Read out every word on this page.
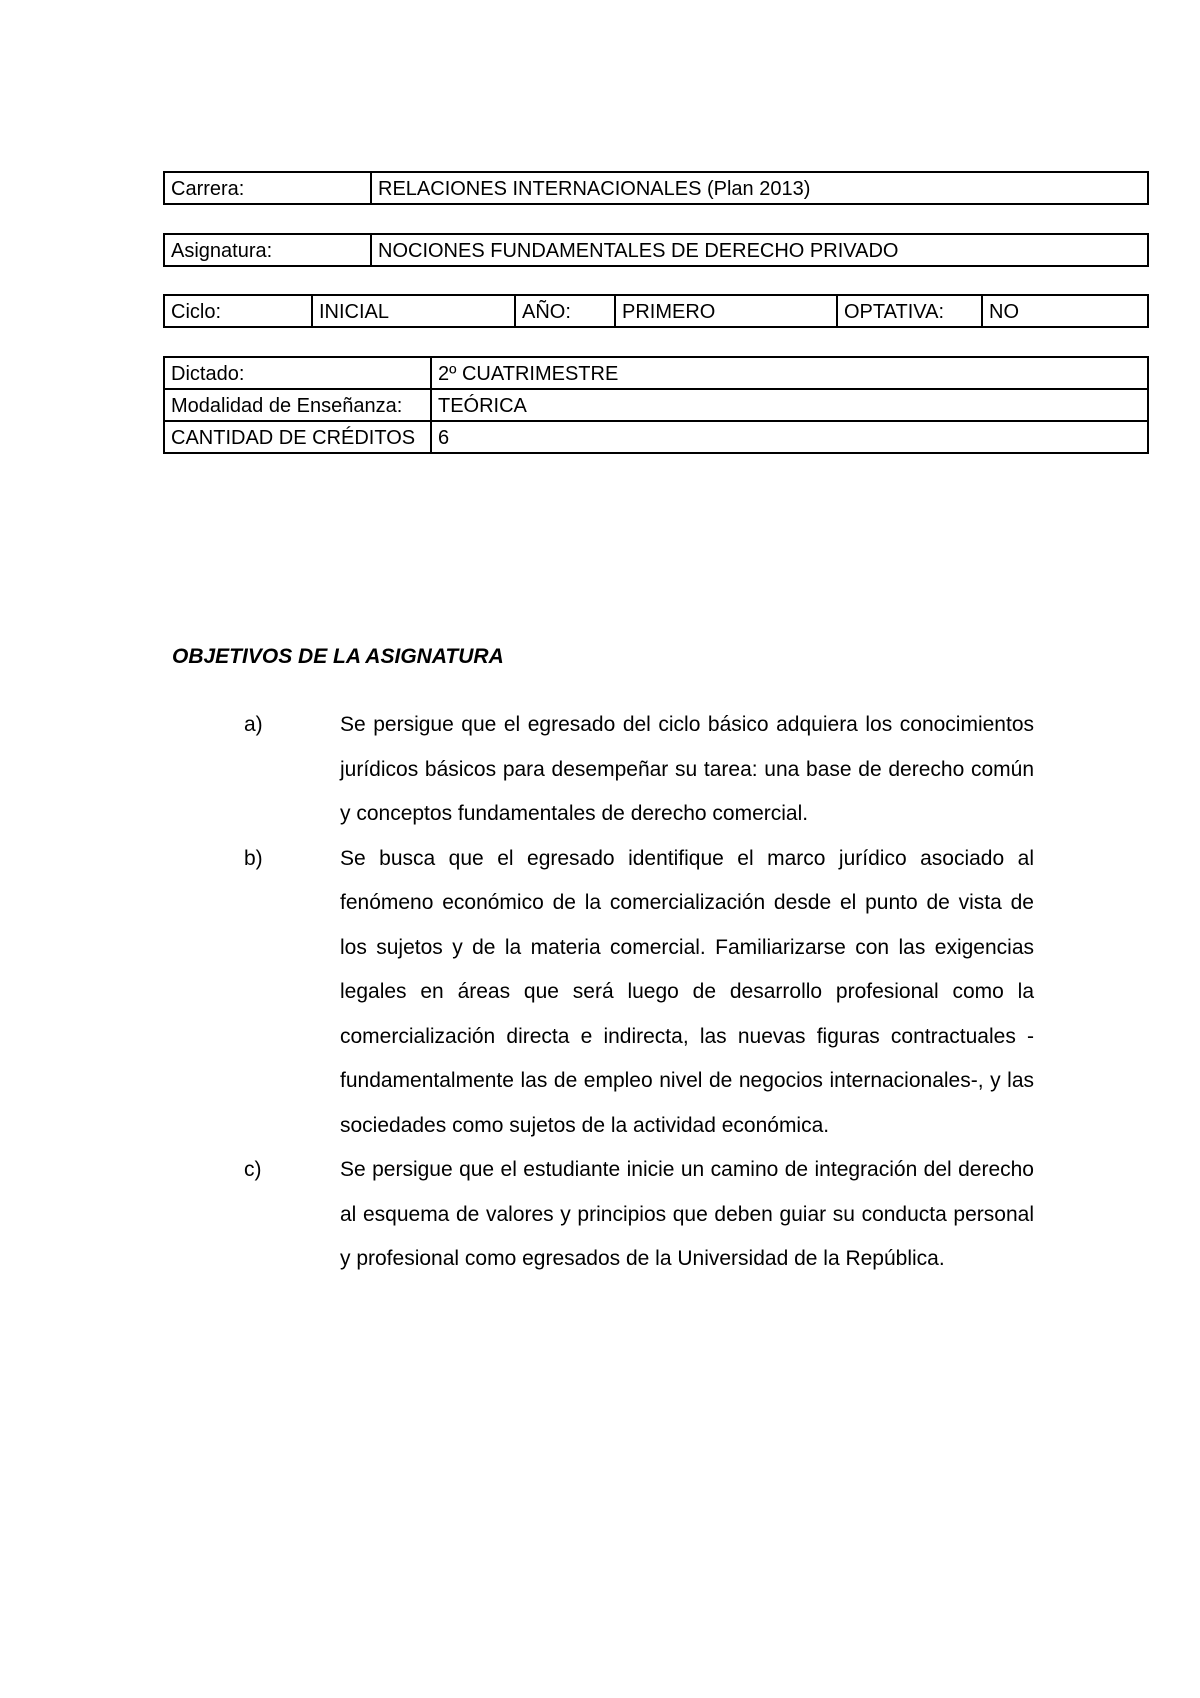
Carrera:	RELACIONES INTERNACIONALES (Plan 2013)
Asignatura:	NOCIONES FUNDAMENTALES DE DERECHO PRIVADO
Ciclo:	INICIAL	AÑO:	PRIMERO	OPTATIVA:	NO
Dictado:	2º CUATRIMESTRE
Modalidad de Enseñanza:	TEÓRICA
CANTIDAD DE CRÉDITOS	6
OBJETIVOS DE LA ASIGNATURA
a)	Se persigue que el egresado del ciclo básico adquiera los conocimientos jurídicos básicos para desempeñar su tarea: una base de derecho común y conceptos fundamentales de derecho comercial.
b)	Se busca que el egresado identifique el marco jurídico asociado al fenómeno económico de la comercialización desde el punto de vista de los sujetos y de la materia comercial. Familiarizarse con las exigencias legales en áreas que será luego de desarrollo profesional como la comercialización directa e indirecta, las nuevas figuras contractuales - fundamentalmente las de empleo nivel de negocios internacionales-, y las sociedades como sujetos de la actividad económica.
c)	Se persigue que el estudiante inicie un camino de integración del derecho al esquema de valores y principios que deben guiar su conducta personal y profesional como egresados de la Universidad de la República.
